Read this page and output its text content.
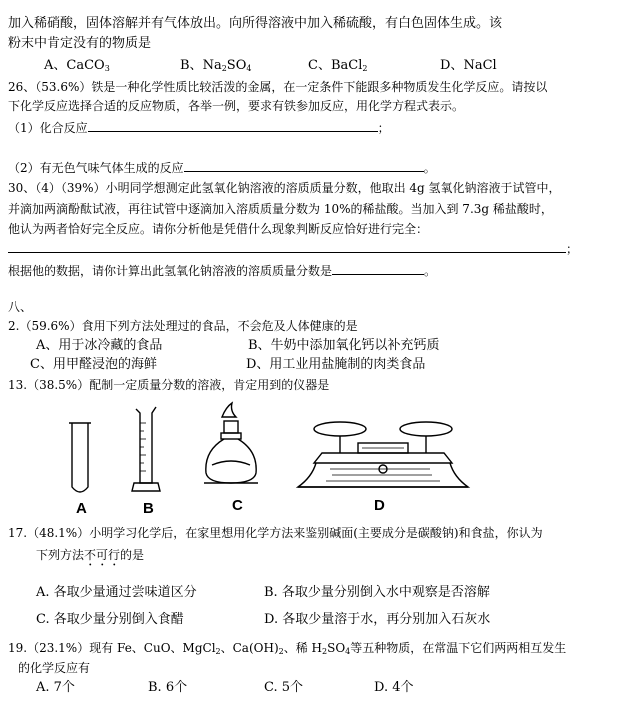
加入稀硝酸，固体溶解并有气体放出。向所得溶液中加入稀硫酸，有白色固体生成。该
粉末中肯定没有的物质是
A、CaCO$_3$	B、$Na_2SO_4$	C、BaCl$_2$	D、NaCl
26、（53.6%）铁是一种化学性质比较活泼的金属，在一定条件下能跟多种物质发生化学反应。请按以
下化学反应选择合适的反应物质，各举一例，要求有铁参加反应，用化学方程式表示。
（1）化合反应	；
（2）有无色气味气体生成的反应	。
30、（4）（39%）小明同学想测定此氢氧化钠溶液的溶质质量分数，他取出 4g 氢氧化钠溶液于试管中，
并滴加两滴酚酞试液，再往试管中逐滴加入溶质质量分数为 10%的稀盐酸。当加入到 7.3g 稀盐酸时，
他认为两者恰好完全反应。请你分析他是凭借什么现象判断反应恰好进行完全：
；
根据他的数据，请你计算出此氢氧化钠溶液的溶质质量分数是	。
八、
2.（59.6%）食用下列方法处理过的食品，不会危及人体健康的是
A、用于冰冷藏的食品	B、牛奶中添加氧化钙以补充钙质
C、用甲醛浸泡的海鲜	D、用工业用盐腌制的肉类食品
13.（38.5%）配制一定质量分数的溶液，肯定用到的仪器是
A	B	C	D
17.（48.1%）小明学习化学后，在家里想用化学方法来鉴别碱面(主要成分是碳酸钠)和食盐，你认为
下列方法不可行的是
A. 各取少量通过尝味道区分	B. 各取少量分别倒入水中观察是否溶解
C. 各取少量分别倒入食醋	D. 各取少量溶于水，再分别加入石灰水
19.（23.1%）现有 Fe、CuO、MgCl$_2$、$Ca(OH)_2$、稀 $H_2SO_4$等五种物质，在常温下它们两两相互发生
的化学反应有
A. 7个	B. 6个	C. 5个	D. 4个
